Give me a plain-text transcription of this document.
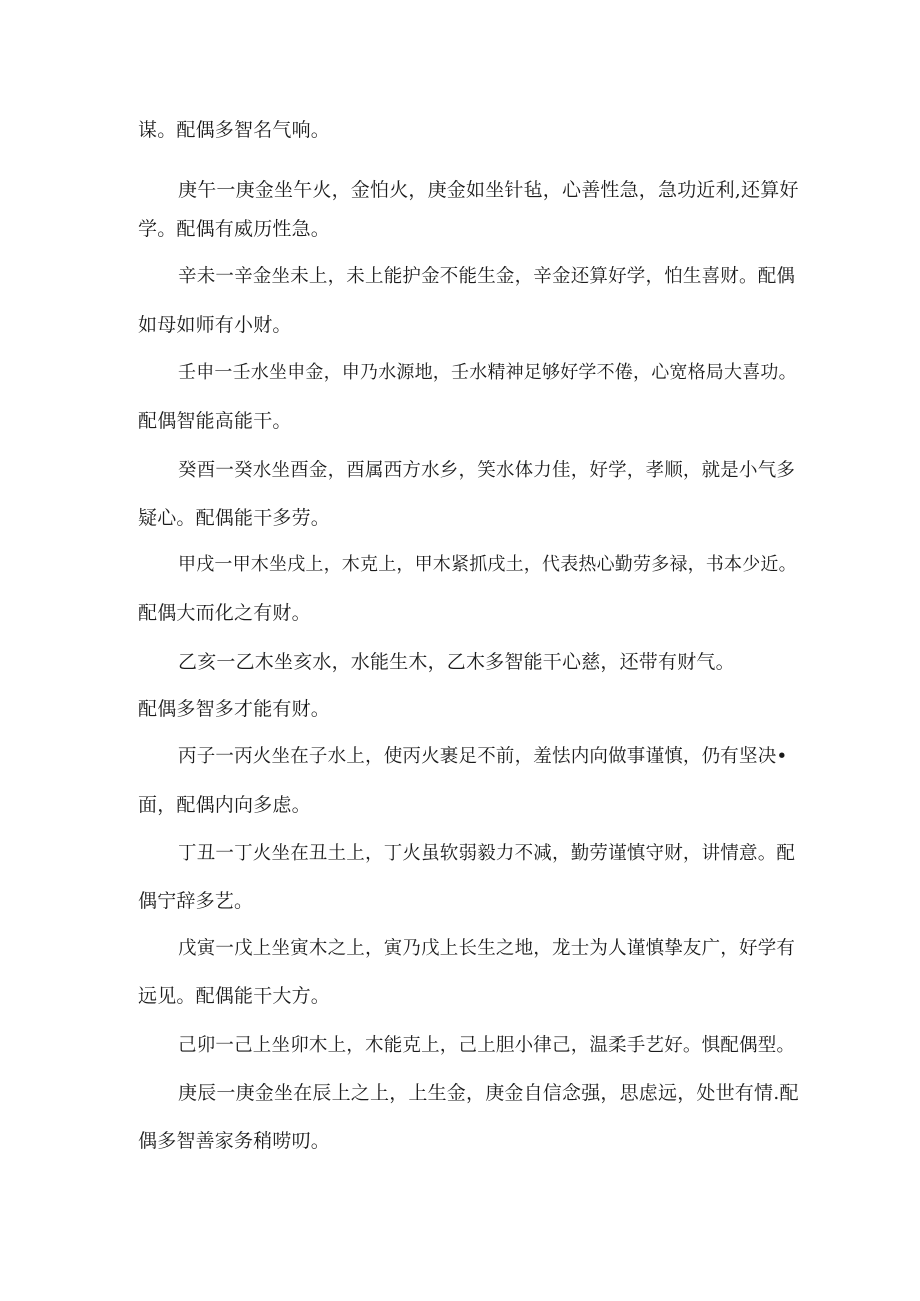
谋。配偶多智名气响。
庚午一庚金坐午火，金怕火，庚金如坐针毡，心善性急，急功近利,还算好
学。配偶有威历性急。
辛未一辛金坐未上，未上能护金不能生金，辛金还算好学，怕生喜财。配偶
如母如师有小财。
壬申一壬水坐申金，申乃水源地，壬水精神足够好学不倦，心宽格局大喜功。
配偶智能高能干。
癸酉一癸水坐酉金，酉属西方水乡，笑水体力佳，好学，孝顺，就是小气多
疑心。配偶能干多劳。
甲戌一甲木坐戌上，木克上，甲木紧抓戌土，代表热心勤劳多禄，书本少近。
配偶大而化之有财。
乙亥一乙木坐亥水，水能生木，乙木多智能干心慈，还带有财气。
配偶多智多才能有财。
丙子一丙火坐在子水上，使丙火裹足不前，羞怯内向做事谨慎，仍有坚决•
面，配偶内向多虑。
丁丑一丁火坐在丑土上，丁火虽软弱毅力不减，勤劳谨慎守财，讲情意。配
偶宁辞多艺。
戊寅一戊上坐寅木之上，寅乃戊上长生之地，龙士为人谨慎挚友广，好学有
远见。配偶能干大方。
己卯一己上坐卯木上，木能克上，己上胆小律己，温柔手艺好。惧配偶型。
庚辰一庚金坐在辰上之上，上生金，庚金自信念强，思虑远，处世有情.配
偶多智善家务稍唠叨。
